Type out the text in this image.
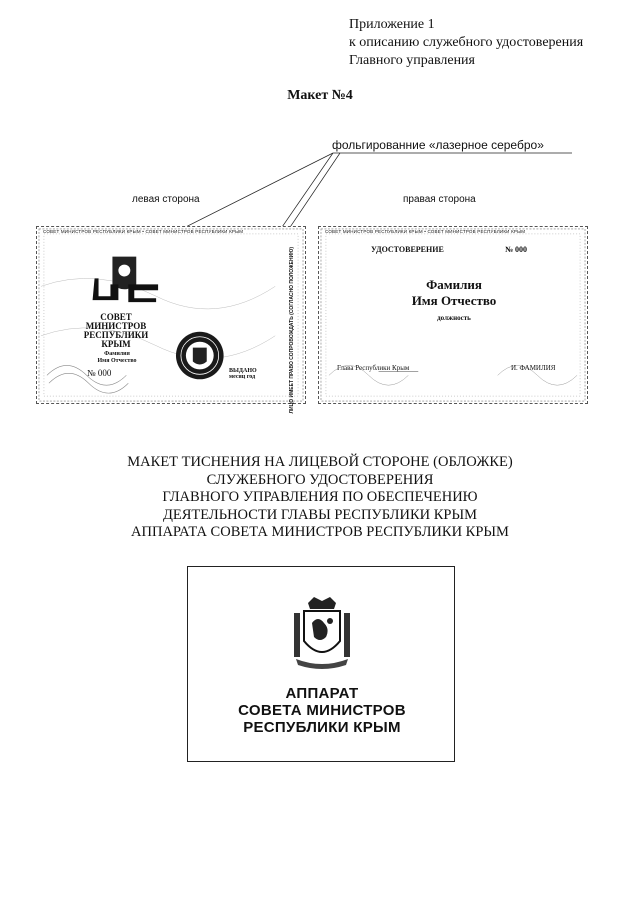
Приложение 1
к описанию служебного удостоверения
Главного управления
Макет №4
фольгированние «лазерное серебро»
левая сторона	правая сторона
СОВЕТ МИНИСТРОВ РЕСПУБЛИКИ КРЫМ • СОВЕТ МИНИСТРОВ РЕСПУБЛИКИ КРЫМ
СОВЕТ
МИНИСТРОВ
РЕСПУБЛИКИ
КРЫМ
Фамилия
Имя Отчество
№ 000	ВЫДАНО
месяц год	ЛИЦО ИМЕЕТ ПРАВО СОПРОВОЖДАТЬ (СОГЛАСНО ПОЛОЖЕНИЮ)
СОВЕТ МИНИСТРОВ РЕСПУБЛИКИ КРЫМ • СОВЕТ МИНИСТРОВ РЕСПУБЛИКИ КРЫМ
УДОСТОВЕРЕНИЕ	№ 000
Фамилия
Имя Отчество
должность
Глава Республики Крым	И. ФАМИЛИЯ
МАКЕТ ТИСНЕНИЯ НА ЛИЦЕВОЙ СТОРОНЕ (ОБЛОЖКЕ)
СЛУЖЕБНОГО УДОСТОВЕРЕНИЯ
ГЛАВНОГО УПРАВЛЕНИЯ ПО ОБЕСПЕЧЕНИЮ
ДЕЯТЕЛЬНОСТИ ГЛАВЫ РЕСПУБЛИКИ КРЫМ
АППАРАТА СОВЕТА МИНИСТРОВ РЕСПУБЛИКИ КРЫМ
АППАРАТ
СОВЕТА МИНИСТРОВ
РЕСПУБЛИКИ КРЫМ
